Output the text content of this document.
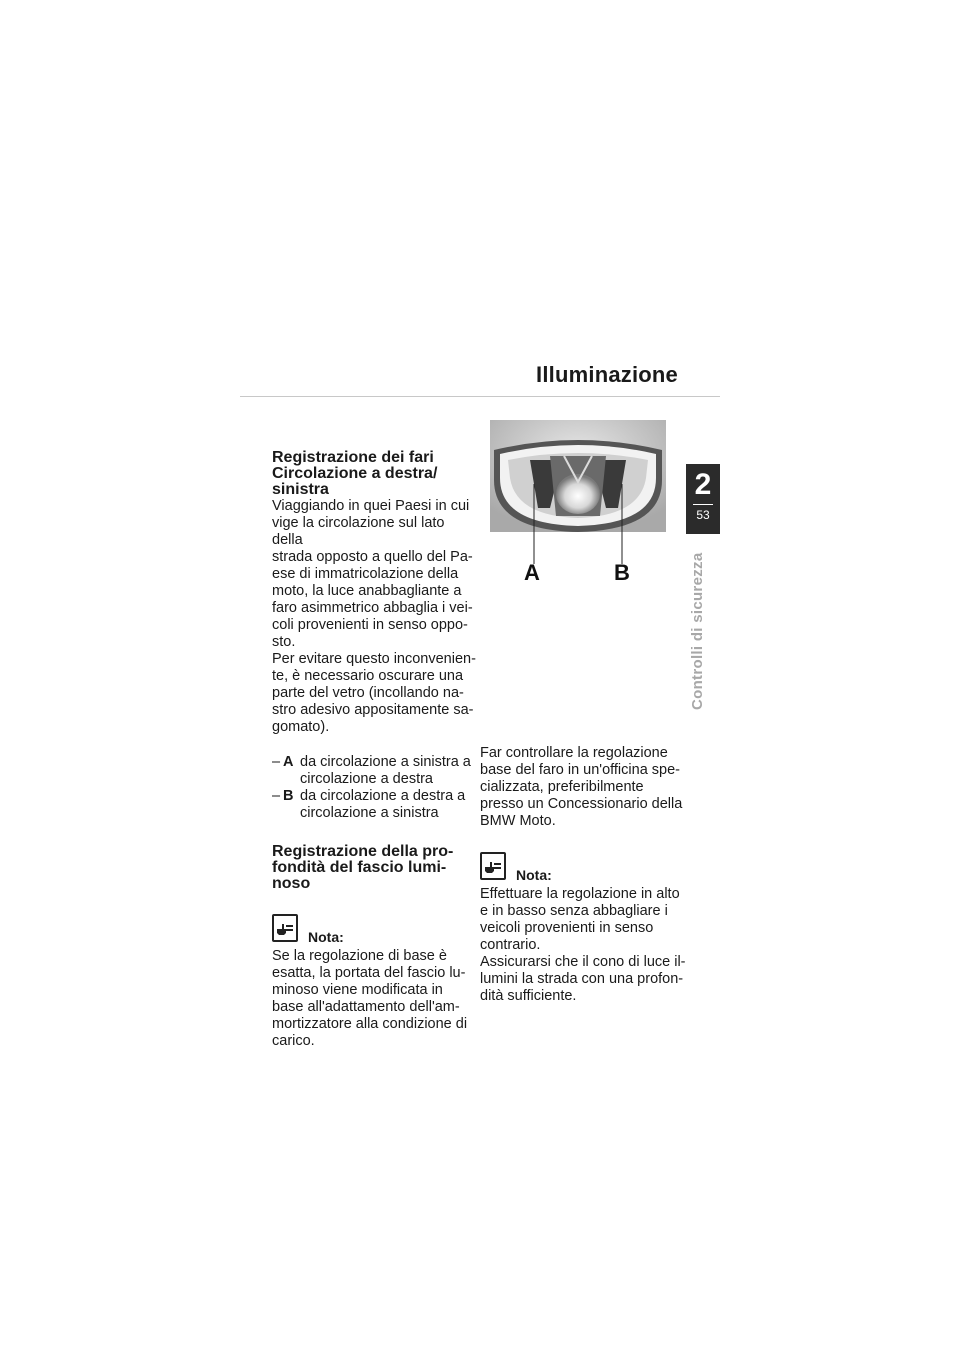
Illuminazione
2
53
Controlli di sicurezza
Registrazione dei fari
Circolazione a destra/
sinistra

Viaggiando in quei Paesi in cui
vige la circolazione sul lato della
strada opposto a quello del Pa-
ese di immatricolazione della
moto, la luce anabbagliante a
faro asimmetrico abbaglia i vei-
coli provenienti in senso oppo-
sto.

Per evitare questo inconvenien-
te, è necessario oscurare una
parte del vetro (incollando na-
stro adesivo appositamente sa-
gomato).

– A da circolazione a sinistra a
circolazione a destra
– B da circolazione a destra a
circolazione a sinistra
Registrazione della pro-
fondità del fascio lumi-
noso
Nota:

Se la regolazione di base è
esatta, la portata del fascio lu-
minoso viene modificata in
base all'adattamento dell'am-
mortizzatore alla condizione di
carico.

A	B

Far controllare la regolazione
base del faro in un'officina spe-
cializzata, preferibilmente
presso un Concessionario della
BMW Moto.

Nota:

Effettuare la regolazione in alto
e in basso senza abbagliare i
veicoli provenienti in senso
contrario.
Assicurarsi che il cono di luce il-
lumini la strada con una profon-
dità sufficiente.
